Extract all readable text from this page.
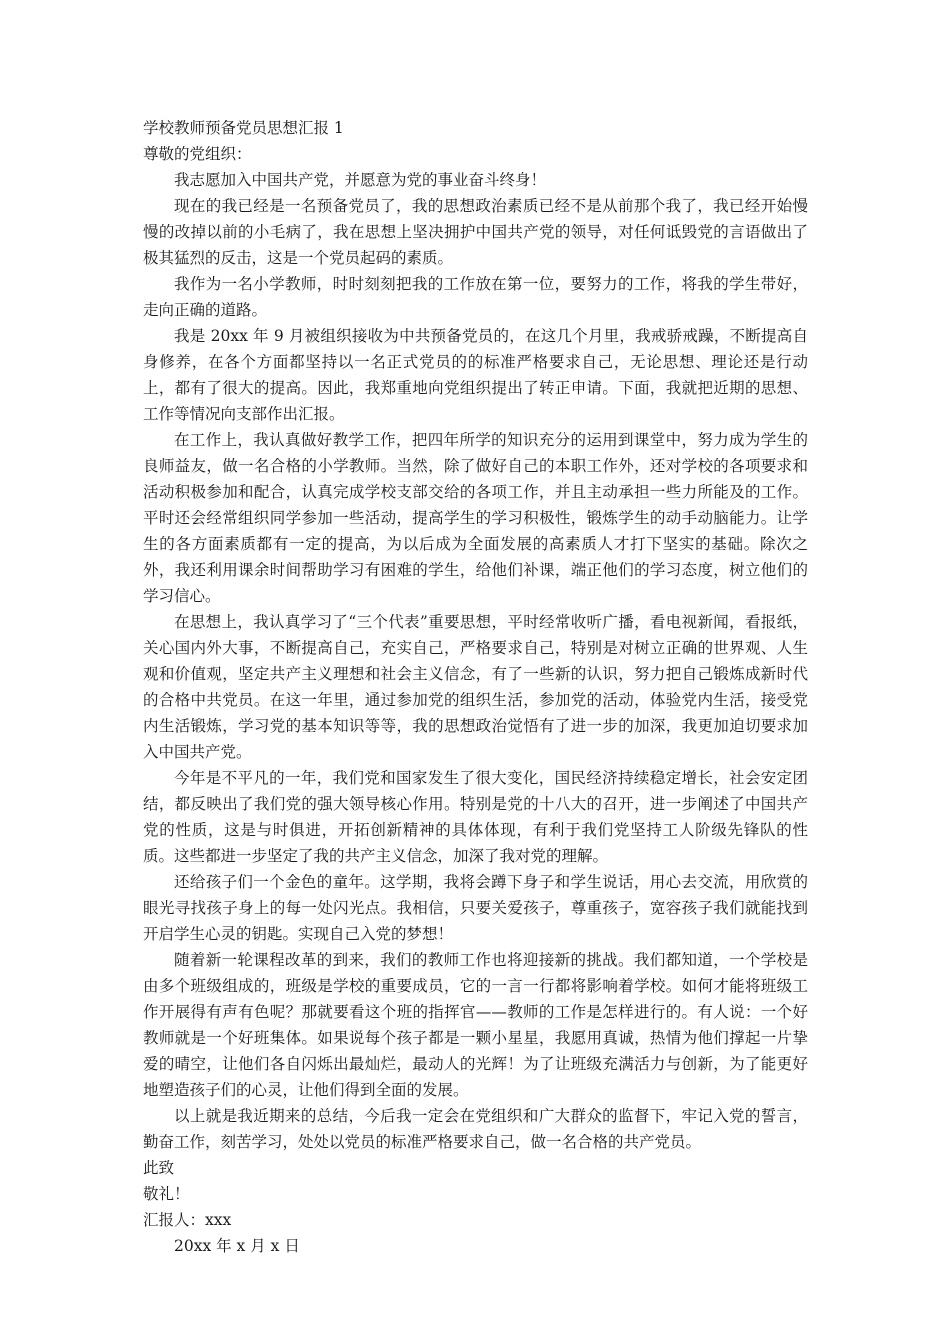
学校教师预备党员思想汇报 1

尊敬的党组织：

我志愿加入中国共产党，并愿意为党的事业奋斗终身！

现在的我已经是一名预备党员了，我的思想政治素质已经不是从前那个我了，我已经开始慢慢的改掉以前的小毛病了，我在思想上坚决拥护中国共产党的领导，对任何诋毁党的言语做出了极其猛烈的反击，这是一个党员起码的素质。

我作为一名小学教师，时时刻刻把我的工作放在第一位，要努力的工作，将我的学生带好，走向正确的道路。

我是 20xx 年 9 月被组织接收为中共预备党员的，在这几个月里，我戒骄戒躁，不断提高自身修养，在各个方面都坚持以一名正式党员的的标准严格要求自己，无论思想、理论还是行动上，都有了很大的提高。因此，我郑重地向党组织提出了转正申请。下面，我就把近期的思想、工作等情况向支部作出汇报。

在工作上，我认真做好教学工作，把四年所学的知识充分的运用到课堂中，努力成为学生的良师益友，做一名合格的小学教师。当然，除了做好自己的本职工作外，还对学校的各项要求和活动积极参加和配合，认真完成学校支部交给的各项工作，并且主动承担一些力所能及的工作。平时还会经常组织同学参加一些活动，提高学生的学习积极性，锻炼学生的动手动脑能力。让学生的各方面素质都有一定的提高，为以后成为全面发展的高素质人才打下坚实的基础。除次之外，我还利用课余时间帮助学习有困难的学生，给他们补课，端正他们的学习态度，树立他们的学习信心。

在思想上，我认真学习了“三个代表”重要思想，平时经常收听广播，看电视新闻，看报纸，关心国内外大事，不断提高自己，充实自己，严格要求自己，特别是对树立正确的世界观、人生观和价值观，坚定共产主义理想和社会主义信念，有了一些新的认识，努力把自己锻炼成新时代的合格中共党员。在这一年里，通过参加党的组织生活，参加党的活动，体验党内生活，接受党内生活锻炼，学习党的基本知识等等，我的思想政治觉悟有了进一步的加深，我更加迫切要求加入中国共产党。

今年是不平凡的一年，我们党和国家发生了很大变化，国民经济持续稳定增长，社会安定团结，都反映出了我们党的强大领导核心作用。特别是党的十八大的召开，进一步阐述了中国共产党的性质，这是与时俱进，开拓创新精神的具体体现，有利于我们党坚持工人阶级先锋队的性质。这些都进一步坚定了我的共产主义信念，加深了我对党的理解。

还给孩子们一个金色的童年。这学期，我将会蹲下身子和学生说话，用心去交流，用欣赏的眼光寻找孩子身上的每一处闪光点。我相信，只要关爱孩子，尊重孩子，宽容孩子我们就能找到开启学生心灵的钥匙。实现自己入党的梦想！

随着新一轮课程改革的到来，我们的教师工作也将迎接新的挑战。我们都知道，一个学校是由多个班级组成的，班级是学校的重要成员，它的一言一行都将影响着学校。如何才能将班级工作开展得有声有色呢？那就要看这个班的指挥官——教师的工作是怎样进行的。有人说：一个好教师就是一个好班集体。如果说每个孩子都是一颗小星星，我愿用真诚，热情为他们撑起一片挚爱的晴空，让他们各自闪烁出最灿烂，最动人的光辉！为了让班级充满活力与创新，为了能更好地塑造孩子们的心灵，让他们得到全面的发展。

以上就是我近期来的总结，今后我一定会在党组织和广大群众的监督下，牢记入党的誓言，勤奋工作，刻苦学习，处处以党员的标准严格要求自己，做一名合格的共产党员。

此致

敬礼！

汇报人：xxx

20xx 年 x 月 x 日
